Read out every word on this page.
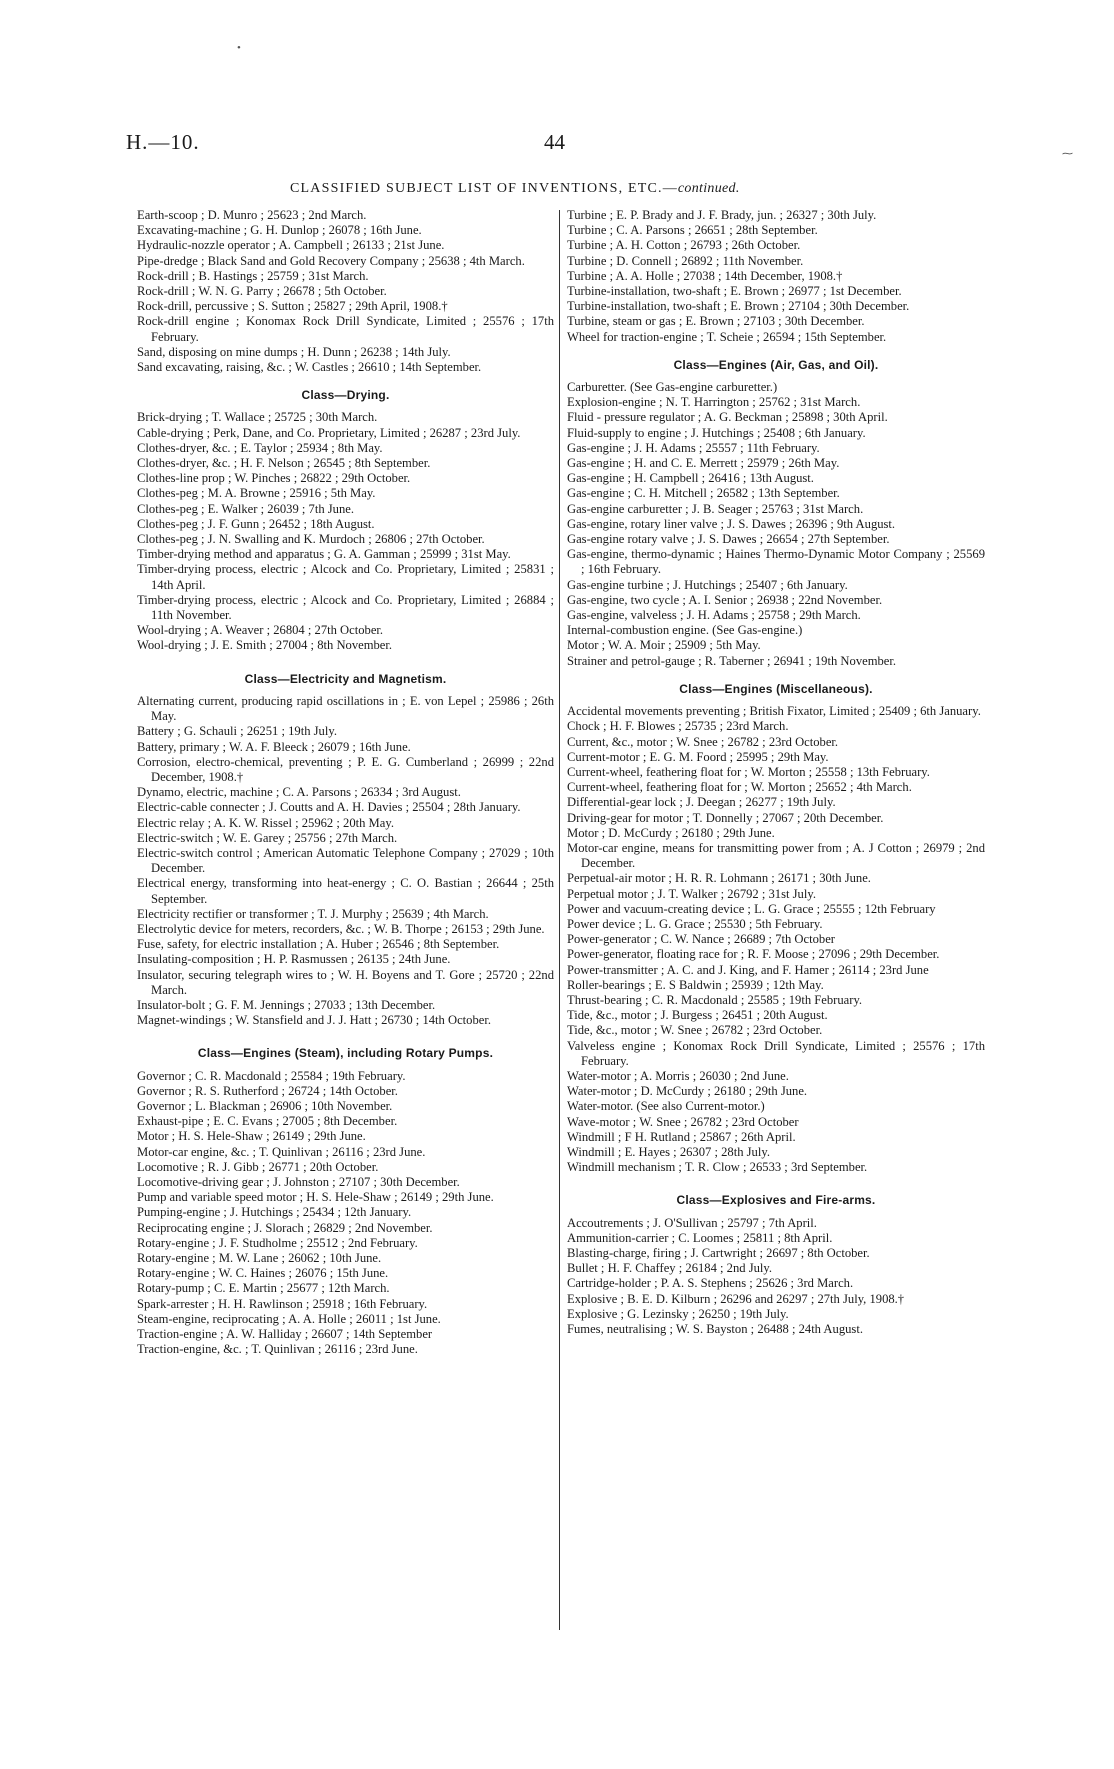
H.—10.	44
CLASSIFIED SUBJECT LIST OF INVENTIONS, ETC.—continued.
•
⁓

Earth-scoop ; D. Munro ; 25623 ; 2nd March.

Excavating-machine ; G. H. Dunlop ; 26078 ; 16th June.

Hydraulic-nozzle operator ; A. Campbell ; 26133 ; 21st June.

Pipe-dredge ; Black Sand and Gold Recovery Company ; 25638 ; 4th March.

Rock-drill ; B. Hastings ; 25759 ; 31st March.

Rock-drill ; W. N. G. Parry ; 26678 ; 5th October.

Rock-drill, percussive ; S. Sutton ; 25827 ; 29th April, 1908.†

Rock-drill engine ; Konomax Rock Drill Syndicate, Limited ; 25576 ; 17th February.

Sand, disposing on mine dumps ; H. Dunn ; 26238 ; 14th July.

Sand excavating, raising, &c. ; W. Castles ; 26610 ; 14th September.

Class—Drying.

Brick-drying ; T. Wallace ; 25725 ; 30th March.

Cable-drying ; Perk, Dane, and Co. Proprietary, Limited ; 26287 ; 23rd July.

Clothes-dryer, &c. ; E. Taylor ; 25934 ; 8th May.

Clothes-dryer, &c. ; H. F. Nelson ; 26545 ; 8th September.

Clothes-line prop ; W. Pinches ; 26822 ; 29th October.

Clothes-peg ; M. A. Browne ; 25916 ; 5th May.

Clothes-peg ; E. Walker ; 26039 ; 7th June.

Clothes-peg ; J. F. Gunn ; 26452 ; 18th August.

Clothes-peg ; J. N. Swalling and K. Murdoch ; 26806 ; 27th October.

Timber-drying method and apparatus ; G. A. Gamman ; 25999 ; 31st May.

Timber-drying process, electric ; Alcock and Co. Proprietary, Limited ; 25831 ; 14th April.

Timber-drying process, electric ; Alcock and Co. Proprietary, Limited ; 26884 ; 11th November.

Wool-drying ; A. Weaver ; 26804 ; 27th October.

Wool-drying ; J. E. Smith ; 27004 ; 8th November.

Class—Electricity and Magnetism.

Alternating current, producing rapid oscillations in ; E. von Lepel ; 25986 ; 26th May.

Battery ; G. Schauli ; 26251 ; 19th July.

Battery, primary ; W. A. F. Bleeck ; 26079 ; 16th June.

Corrosion, electro-chemical, preventing ; P. E. G. Cumberland ; 26999 ; 22nd December, 1908.†

Dynamo, electric, machine ; C. A. Parsons ; 26334 ; 3rd August.

Electric-cable connecter ; J. Coutts and A. H. Davies ; 25504 ; 28th January.

Electric relay ; A. K. W. Rissel ; 25962 ; 20th May.

Electric-switch ; W. E. Garey ; 25756 ; 27th March.

Electric-switch control ; American Automatic Telephone Company ; 27029 ; 10th December.

Electrical energy, transforming into heat-energy ; C. O. Bastian ; 26644 ; 25th September.

Electricity rectifier or transformer ; T. J. Murphy ; 25639 ; 4th March.

Electrolytic device for meters, recorders, &c. ; W. B. Thorpe ; 26153 ; 29th June.

Fuse, safety, for electric installation ; A. Huber ; 26546 ; 8th September.

Insulating-composition ; H. P. Rasmussen ; 26135 ; 24th June.

Insulator, securing telegraph wires to ; W. H. Boyens and T. Gore ; 25720 ; 22nd March.

Insulator-bolt ; G. F. M. Jennings ; 27033 ; 13th December.

Magnet-windings ; W. Stansfield and J. J. Hatt ; 26730 ; 14th October.

Class—Engines (Steam), including Rotary Pumps.

Governor ; C. R. Macdonald ; 25584 ; 19th February.

Governor ; R. S. Rutherford ; 26724 ; 14th October.

Governor ; L. Blackman ; 26906 ; 10th November.

Exhaust-pipe ; E. C. Evans ; 27005 ; 8th December.

Motor ; H. S. Hele-Shaw ; 26149 ; 29th June.

Motor-car engine, &c. ; T. Quinlivan ; 26116 ; 23rd June.

Locomotive ; R. J. Gibb ; 26771 ; 20th October.

Locomotive-driving gear ; J. Johnston ; 27107 ; 30th December.

Pump and variable speed motor ; H. S. Hele-Shaw ; 26149 ; 29th June.

Pumping-engine ; J. Hutchings ; 25434 ; 12th January.

Reciprocating engine ; J. Slorach ; 26829 ; 2nd November.

Rotary-engine ; J. F. Studholme ; 25512 ; 2nd February.

Rotary-engine ; M. W. Lane ; 26062 ; 10th June.

Rotary-engine ; W. C. Haines ; 26076 ; 15th June.

Rotary-pump ; C. E. Martin ; 25677 ; 12th March.

Spark-arrester ; H. H. Rawlinson ; 25918 ; 16th February.

Steam-engine, reciprocating ; A. A. Holle ; 26011 ; 1st June.

Traction-engine ; A. W. Halliday ; 26607 ; 14th September

Traction-engine, &c. ; T. Quinlivan ; 26116 ; 23rd June.

Turbine ; E. P. Brady and J. F. Brady, jun. ; 26327 ; 30th July.

Turbine ; C. A. Parsons ; 26651 ; 28th September.

Turbine ; A. H. Cotton ; 26793 ; 26th October.

Turbine ; D. Connell ; 26892 ; 11th November.

Turbine ; A. A. Holle ; 27038 ; 14th December, 1908.†

Turbine-installation, two-shaft ; E. Brown ; 26977 ; 1st December.

Turbine-installation, two-shaft ; E. Brown ; 27104 ; 30th December.

Turbine, steam or gas ; E. Brown ; 27103 ; 30th December.

Wheel for traction-engine ; T. Scheie ; 26594 ; 15th September.

Class—Engines (Air, Gas, and Oil).

Carburetter. (See Gas-engine carburetter.)

Explosion-engine ; N. T. Harrington ; 25762 ; 31st March.

Fluid - pressure regulator ; A. G. Beckman ; 25898 ; 30th April.

Fluid-supply to engine ; J. Hutchings ; 25408 ; 6th January.

Gas-engine ; J. H. Adams ; 25557 ; 11th February.

Gas-engine ; H. and C. E. Merrett ; 25979 ; 26th May.

Gas-engine ; H. Campbell ; 26416 ; 13th August.

Gas-engine ; C. H. Mitchell ; 26582 ; 13th September.

Gas-engine carburetter ; J. B. Seager ; 25763 ; 31st March.

Gas-engine, rotary liner valve ; J. S. Dawes ; 26396 ; 9th August.

Gas-engine rotary valve ; J. S. Dawes ; 26654 ; 27th September.

Gas-engine, thermo-dynamic ; Haines Thermo-Dynamic Motor Company ; 25569 ; 16th February.

Gas-engine turbine ; J. Hutchings ; 25407 ; 6th January.

Gas-engine, two cycle ; A. I. Senior ; 26938 ; 22nd November.

Gas-engine, valveless ; J. H. Adams ; 25758 ; 29th March.

Internal-combustion engine. (See Gas-engine.)

Motor ; W. A. Moir ; 25909 ; 5th May.

Strainer and petrol-gauge ; R. Taberner ; 26941 ; 19th November.

Class—Engines (Miscellaneous).

Accidental movements preventing ; British Fixator, Limited ; 25409 ; 6th January.

Chock ; H. F. Blowes ; 25735 ; 23rd March.

Current, &c., motor ; W. Snee ; 26782 ; 23rd October.

Current-motor ; E. G. M. Foord ; 25995 ; 29th May.

Current-wheel, feathering float for ; W. Morton ; 25558 ; 13th February.

Current-wheel, feathering float for ; W. Morton ; 25652 ; 4th March.

Differential-gear lock ; J. Deegan ; 26277 ; 19th July.

Driving-gear for motor ; T. Donnelly ; 27067 ; 20th December.

Motor ; D. McCurdy ; 26180 ; 29th June.

Motor-car engine, means for transmitting power from ; A. J Cotton ; 26979 ; 2nd December.

Perpetual-air motor ; H. R. R. Lohmann ; 26171 ; 30th June.

Perpetual motor ; J. T. Walker ; 26792 ; 31st July.

Power and vacuum-creating device ; L. G. Grace ; 25555 ; 12th February

Power device ; L. G. Grace ; 25530 ; 5th February.

Power-generator ; C. W. Nance ; 26689 ; 7th October

Power-generator, floating race for ; R. F. Moose ; 27096 ; 29th December.

Power-transmitter ; A. C. and J. King, and F. Hamer ; 26114 ; 23rd June

Roller-bearings ; E. S Baldwin ; 25939 ; 12th May.

Thrust-bearing ; C. R. Macdonald ; 25585 ; 19th February.

Tide, &c., motor ; J. Burgess ; 26451 ; 20th August.

Tide, &c., motor ; W. Snee ; 26782 ; 23rd October.

Valveless engine ; Konomax Rock Drill Syndicate, Limited ; 25576 ; 17th February.

Water-motor ; A. Morris ; 26030 ; 2nd June.

Water-motor ; D. McCurdy ; 26180 ; 29th June.

Water-motor. (See also Current-motor.)

Wave-motor ; W. Snee ; 26782 ; 23rd October

Windmill ; F H. Rutland ; 25867 ; 26th April.

Windmill ; E. Hayes ; 26307 ; 28th July.

Windmill mechanism ; T. R. Clow ; 26533 ; 3rd September.

Class—Explosives and Fire-arms.

Accoutrements ; J. O'Sullivan ; 25797 ; 7th April.

Ammunition-carrier ; C. Loomes ; 25811 ; 8th April.

Blasting-charge, firing ; J. Cartwright ; 26697 ; 8th October.

Bullet ; H. F. Chaffey ; 26184 ; 2nd July.

Cartridge-holder ; P. A. S. Stephens ; 25626 ; 3rd March.

Explosive ; B. E. D. Kilburn ; 26296 and 26297 ; 27th July, 1908.†

Explosive ; G. Lezinsky ; 26250 ; 19th July.

Fumes, neutralising ; W. S. Bayston ; 26488 ; 24th August.
